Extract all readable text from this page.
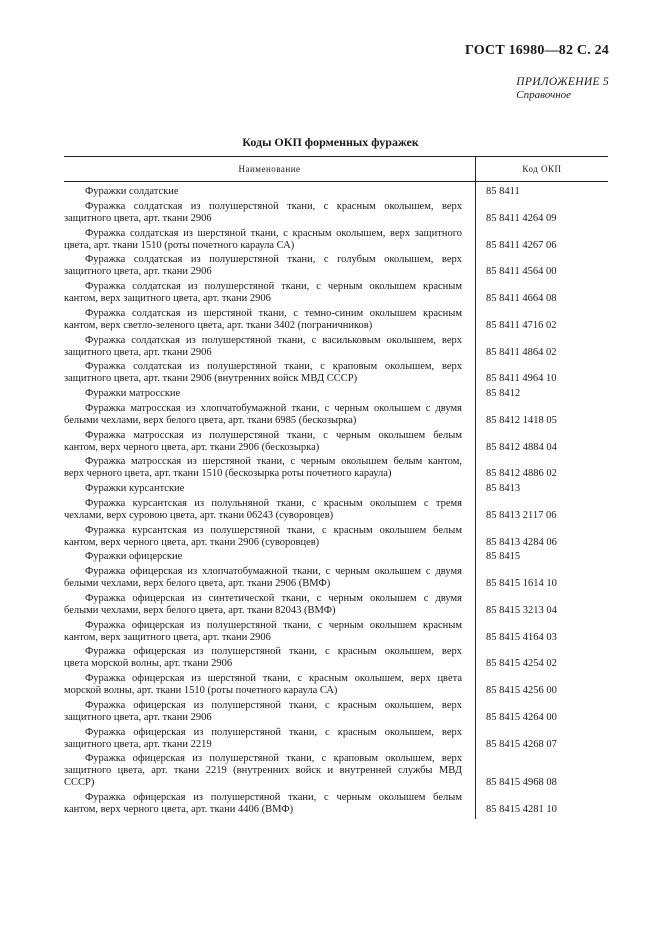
ГОСТ 16980—82 С. 24
ПРИЛОЖЕНИЕ 5
Справочное
Коды ОКП форменных фуражек
Наименование	Код ОКП
Фуражки солдатские	85 8411
Фуражка солдатская из полушерстяной ткани, с красным околышем, верх
защитного цвета, арт. ткани 2906	85 8411 4264 09
Фуражка солдатская из шерстяной ткани, с красным околышем, верх защитного
цвета, арт. ткани 1510 (роты почетного караула СА)	85 8411 4267 06
Фуражка солдатская из полушерстяной ткани, с голубым околышем, верх
защитного цвета, арт. ткани 2906	85 8411 4564 00
Фуражка солдатская из полушерстяной ткани, с черным околышем красным
кантом, верх защитного цвета, арт. ткани 2906	85 8411 4664 08
Фуражка солдатская из шерстяной ткани, с темно-синим околышем красным
кантом, верх светло-зеленого цвета, арт. ткани 3402 (пограничников)	85 8411 4716 02
Фуражка солдатская из полушерстяной ткани, с васильковым околышем, верх
защитного цвета, арт. ткани 2906	85 8411 4864 02
Фуражка солдатская из полушерстяной ткани, с краповым околышем, верх
защитного цвета, арт. ткани 2906 (внутренних войск МВД СССР)	85 8411 4964 10
Фуражки матросские	85 8412
Фуражка матросская из хлопчатобумажной ткани, с черным околышем с двумя
белыми чехлами, верх белого цвета, арт. ткани 6985 (бескозырка)	85 8412 1418 05
Фуражка матросская из полушерстяной ткани, с черным околышем белым
кантом, верх черного цвета, арт. ткани 2906 (бескозырка)	85 8412 4884 04
Фуражка матросская из шерстяной ткани, с черным околышем белым кантом,
верх черного цвета, арт. ткани 1510 (бескозырка роты почетного караула)	85 8412 4886 02
Фуражки курсантские	85 8413
Фуражка курсантская из полульняной ткани, с красным околышем с тремя
чехлами, верх суровою цвета, арт. ткани 06243 (суворовцев)	85 8413 2117 06
Фуражка курсантская из полушерстяной ткани, с красным околышем белым
кантом, верх черного цвета, арт. ткани 2906 (суворовцев)	85 8413 4284 06
Фуражки офицерские	85 8415
Фуражка офицерская из хлопчатобумажной ткани, с черным околышем с двумя
белыми чехлами, верх белого цвета, арт. ткани 2906 (ВМФ)	85 8415 1614 10
Фуражка офицерская из синтетической ткани, с черным околышем с двумя
белыми чехлами, верх белого цвета, арт. ткани 82043 (ВМФ)	85 8415 3213 04
Фуражка офицерская из полушерстяной ткани, с черным околышем красным
кантом, верх защитного цвета, арт. ткани 2906	85 8415 4164 03
Фуражка офицерская из полушерстяной ткани, с красным околышем, верх
цвета морской волны, арт. ткани 2906	85 8415 4254 02
Фуражка офицерская из шерстяной ткани, с красным околышем, верх цвета
морской волны, арт. ткани 1510 (роты почетного караула СА)	85 8415 4256 00
Фуражка офицерская из полушерстяной ткани, с красным околышем, верх
защитного цвета, арт. ткани 2906	85 8415 4264 00
Фуражка офицерская из полушерстяной ткани, с красным околышем, верх
защитного цвета, арт. ткани 2219	85 8415 4268 07
Фуражка офицерская из полушерстяной ткани, с краповым околышем, верх
защитного цвета, арт. ткани 2219 (внутренних войск и внутренней службы МВД
СССР)	85 8415 4968 08
Фуражка офицерская из полушерстяной ткани, с черным околышем белым
кантом, верх черного цвета, арт. ткани 4406 (ВМФ)	85 8415 4281 10
